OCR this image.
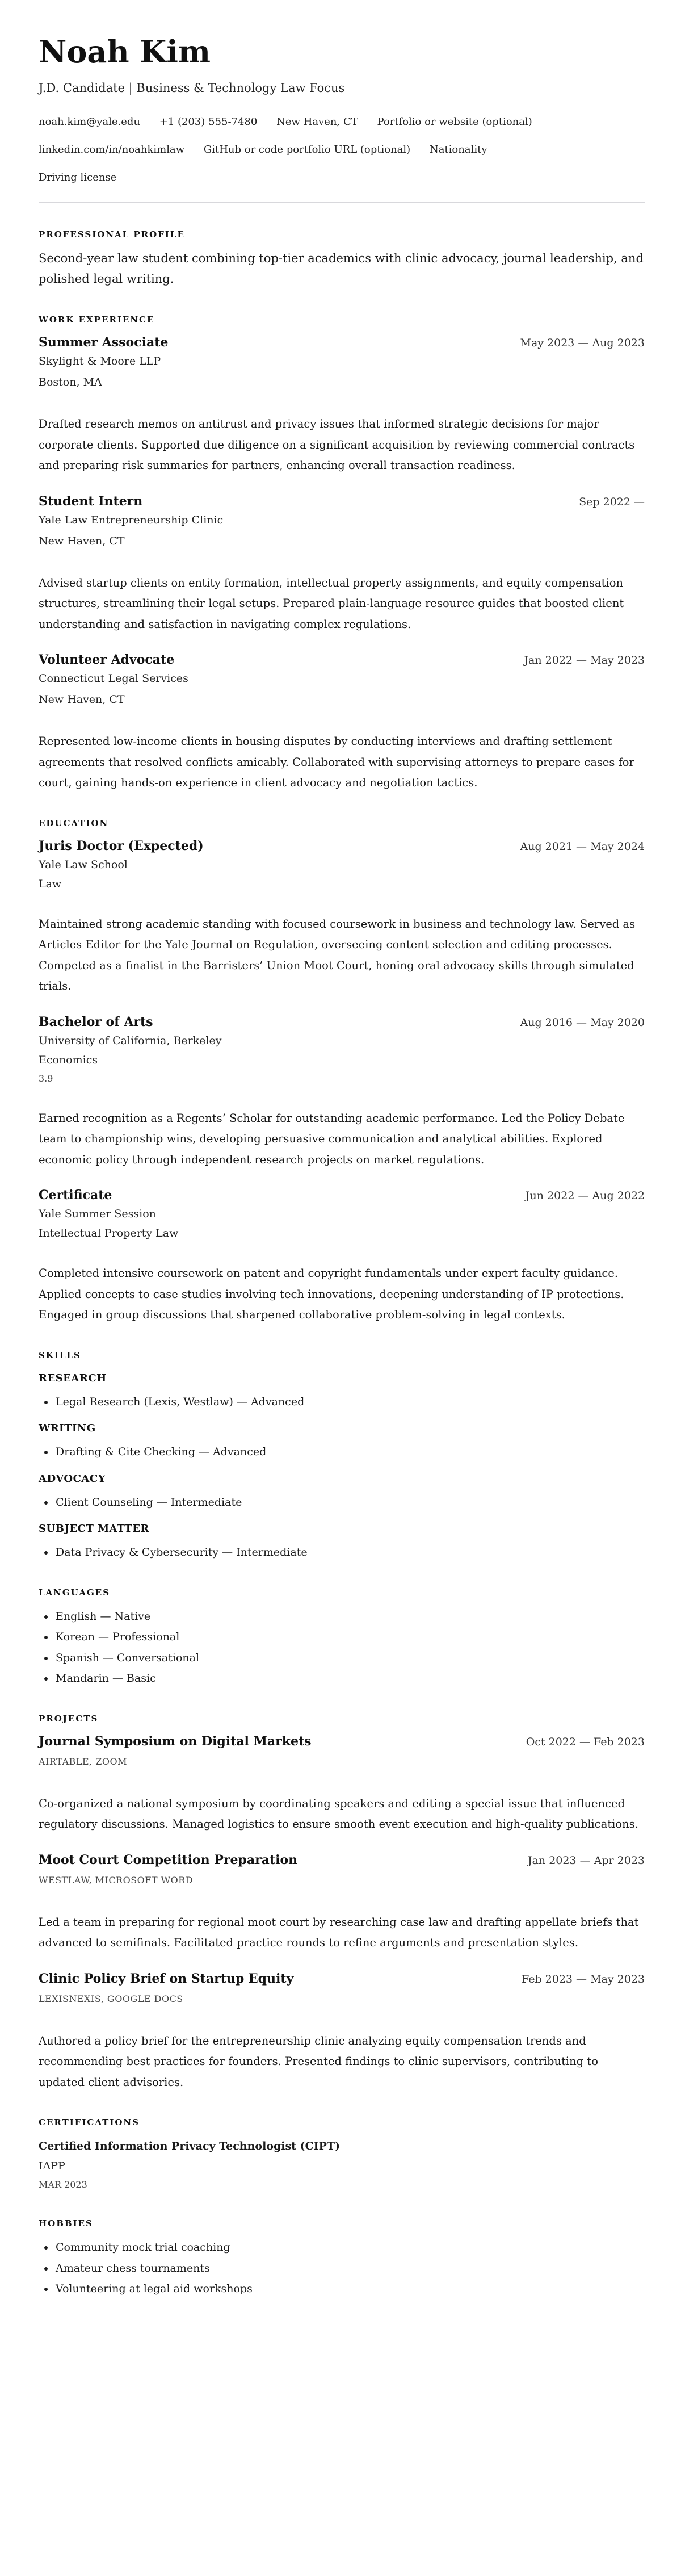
Noah Kim
J.D. Candidate | Business & Technology Law Focus
noah.kim@yale.edu +1 (203) 555-7480 New Haven, CT Portfolio or website (optional)
linkedin.com/in/noahkimlaw GitHub or code portfolio URL (optional) Nationality
Driving license
PROFESSIONAL PROFILE

Second-year law student combining top-tier academics with clinic advocacy, journal leadership, and polished legal writing.

WORK EXPERIENCE
Summer Associate	May 2023 — Aug 2023
Skylight & Moore LLP
Boston, MA
Drafted research memos on antitrust and privacy issues that informed strategic decisions for major corporate clients. Supported due diligence on a significant acquisition by reviewing commercial contracts and preparing risk summaries for partners, enhancing overall transaction readiness.
Student Intern	Sep 2022 —
Yale Law Entrepreneurship Clinic
New Haven, CT
Advised startup clients on entity formation, intellectual property assignments, and equity compensation structures, streamlining their legal setups. Prepared plain-language resource guides that boosted client understanding and satisfaction in navigating complex regulations.
Volunteer Advocate	Jan 2022 — May 2023
Connecticut Legal Services
New Haven, CT
Represented low-income clients in housing disputes by conducting interviews and drafting settlement agreements that resolved conflicts amicably. Collaborated with supervising attorneys to prepare cases for court, gaining hands-on experience in client advocacy and negotiation tactics.
EDUCATION
Juris Doctor (Expected)	Aug 2021 — May 2024
Yale Law School
Law
Maintained strong academic standing with focused coursework in business and technology law. Served as Articles Editor for the Yale Journal on Regulation, overseeing content selection and editing processes. Competed as a finalist in the Barristers’ Union Moot Court, honing oral advocacy skills through simulated trials.
Bachelor of Arts	Aug 2016 — May 2020
University of California, Berkeley
Economics
3.9
Earned recognition as a Regents’ Scholar for outstanding academic performance. Led the Policy Debate team to championship wins, developing persuasive communication and analytical abilities. Explored economic policy through independent research projects on market regulations.
Certificate	Jun 2022 — Aug 2022
Yale Summer Session
Intellectual Property Law
Completed intensive coursework on patent and copyright fundamentals under expert faculty guidance. Applied concepts to case studies involving tech innovations, deepening understanding of IP protections. Engaged in group discussions that sharpened collaborative problem-solving in legal contexts.
SKILLS
RESEARCH
• Legal Research (Lexis, Westlaw) — Advanced
WRITING
• Drafting & Cite Checking — Advanced
ADVOCACY
• Client Counseling — Intermediate
SUBJECT MATTER
• Data Privacy & Cybersecurity — Intermediate
LANGUAGES
• English — Native
• Korean — Professional
• Spanish — Conversational
• Mandarin — Basic
PROJECTS
Journal Symposium on Digital Markets	Oct 2022 — Feb 2023
AIRTABLE, ZOOM
Co-organized a national symposium by coordinating speakers and editing a special issue that influenced regulatory discussions. Managed logistics to ensure smooth event execution and high-quality publications.
Moot Court Competition Preparation	Jan 2023 — Apr 2023
WESTLAW, MICROSOFT WORD
Led a team in preparing for regional moot court by researching case law and drafting appellate briefs that advanced to semifinals. Facilitated practice rounds to refine arguments and presentation styles.
Clinic Policy Brief on Startup Equity	Feb 2023 — May 2023
LEXISNEXIS, GOOGLE DOCS
Authored a policy brief for the entrepreneurship clinic analyzing equity compensation trends and recommending best practices for founders. Presented findings to clinic supervisors, contributing to updated client advisories.
CERTIFICATIONS
Certified Information Privacy Technologist (CIPT)
IAPP
MAR 2023
HOBBIES
• Community mock trial coaching
• Amateur chess tournaments
• Volunteering at legal aid workshops
